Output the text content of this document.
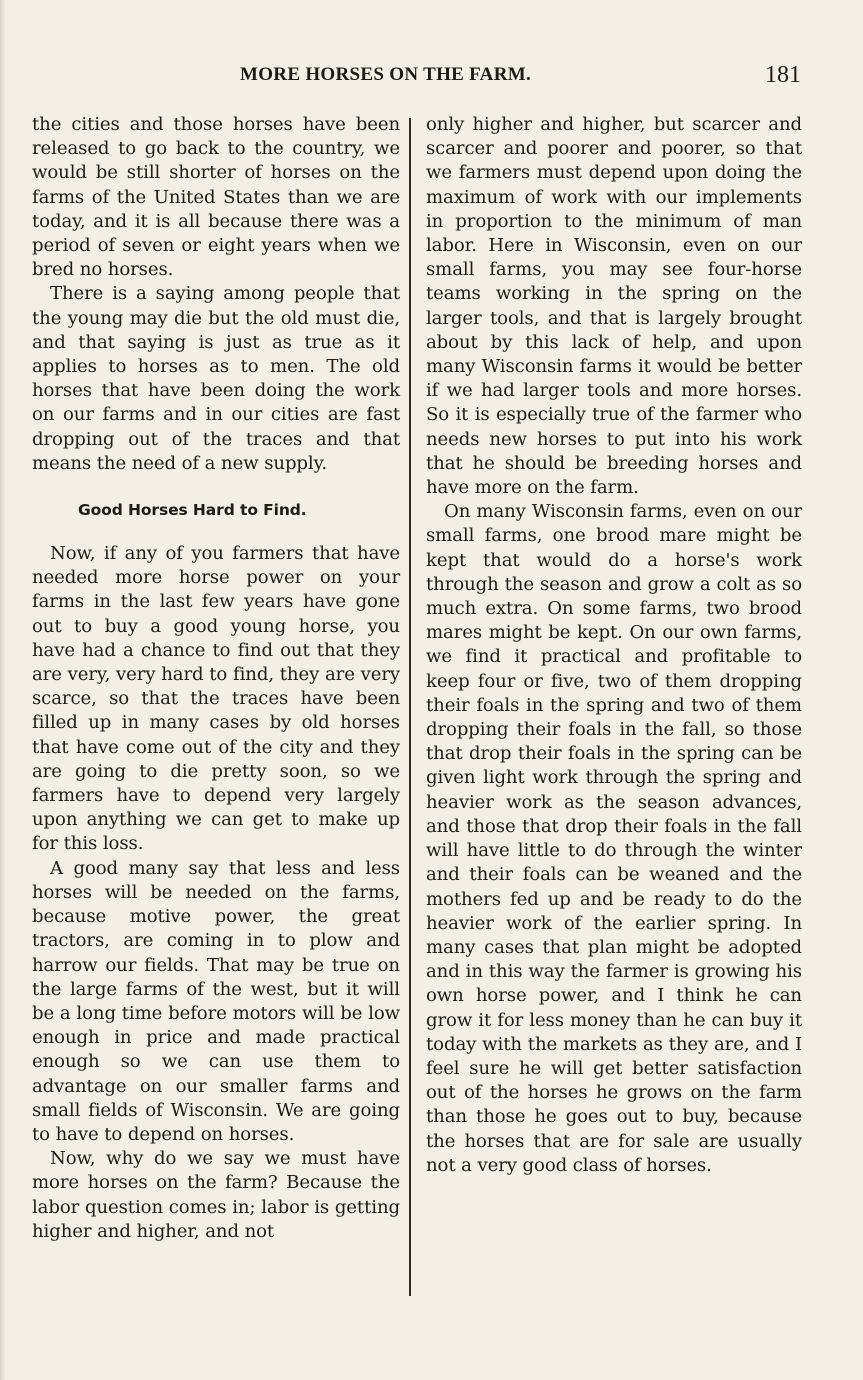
MORE HORSES ON THE FARM.	181

the cities and those horses have been released to go back to the country, we would be still shorter of horses on the farms of the United States than we are today, and it is all because there was a period of seven or eight years when we bred no horses.

There is a saying among people that the young may die but the old must die, and that saying is just as true as it applies to horses as to men. The old horses that have been doing the work on our farms and in our cities are fast dropping out of the traces and that means the need of a new supply.

Good Horses Hard to Find.

Now, if any of you farmers that have needed more horse power on your farms in the last few years have gone out to buy a good young horse, you have had a chance to find out that they are very, very hard to find, they are very scarce, so that the traces have been filled up in many cases by old horses that have come out of the city and they are going to die pretty soon, so we farmers have to depend very largely upon anything we can get to make up for this loss.

A good many say that less and less horses will be needed on the farms, because motive power, the great tractors, are coming in to plow and harrow our fields. That may be true on the large farms of the west, but it will be a long time before motors will be low enough in price and made practical enough so we can use them to advantage on our smaller farms and small fields of Wisconsin. We are going to have to depend on horses.

Now, why do we say we must have more horses on the farm? Because the labor question comes in; labor is getting higher and higher, and not

only higher and higher, but scarcer and scarcer and poorer and poorer, so that we farmers must depend upon doing the maximum of work with our implements in proportion to the minimum of man labor. Here in Wisconsin, even on our small farms, you may see four-horse teams working in the spring on the larger tools, and that is largely brought about by this lack of help, and upon many Wisconsin farms it would be better if we had larger tools and more horses. So it is especially true of the farmer who needs new horses to put into his work that he should be breeding horses and have more on the farm.

On many Wisconsin farms, even on our small farms, one brood mare might be kept that would do a horse's work through the season and grow a colt as so much extra. On some farms, two brood mares might be kept. On our own farms, we find it practical and profitable to keep four or five, two of them dropping their foals in the spring and two of them dropping their foals in the fall, so those that drop their foals in the spring can be given light work through the spring and heavier work as the season advances, and those that drop their foals in the fall will have little to do through the winter and their foals can be weaned and the mothers fed up and be ready to do the heavier work of the earlier spring. In many cases that plan might be adopted and in this way the farmer is growing his own horse power, and I think he can grow it for less money than he can buy it today with the markets as they are, and I feel sure he will get better satisfaction out of the horses he grows on the farm than those he goes out to buy, because the horses that are for sale are usually not a very good class of horses.
